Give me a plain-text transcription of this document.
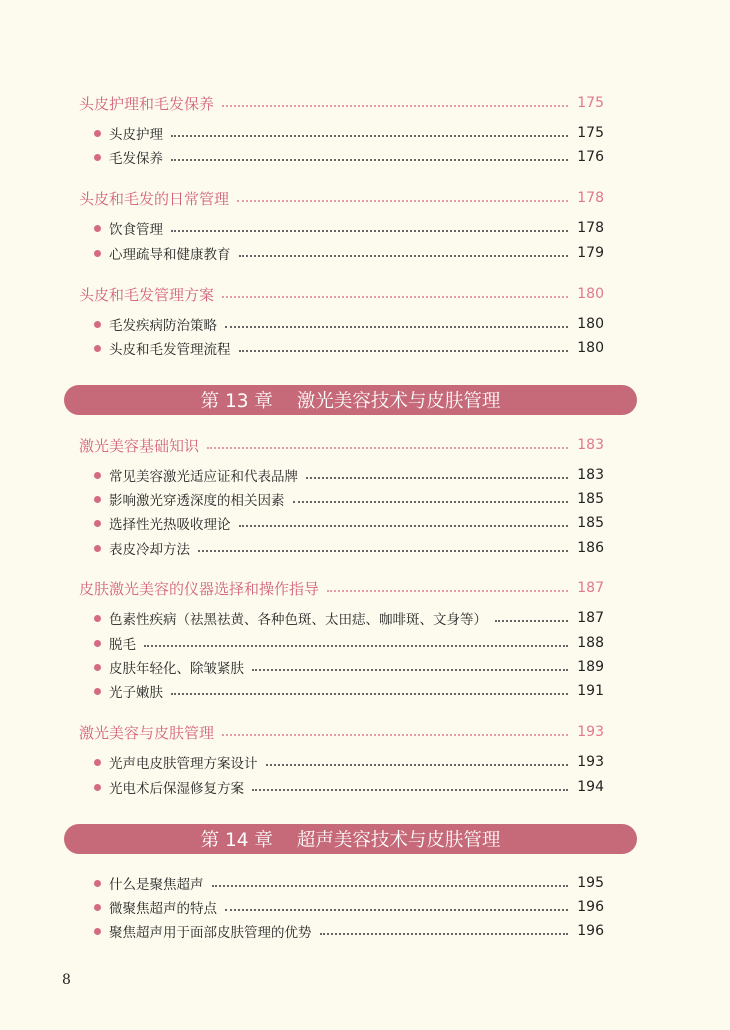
头皮护理和毛发保养	175
头皮护理	175
毛发保养	176
头皮和毛发的日常管理	178
饮食管理	178
心理疏导和健康教育	179
头皮和毛发管理方案	180
毛发疾病防治策略	180
头皮和毛发管理流程	180
第 13 章 激光美容技术与皮肤管理
激光美容基础知识	183
常见美容激光适应证和代表品牌	183
影响激光穿透深度的相关因素	185
选择性光热吸收理论	185
表皮冷却方法	186
皮肤激光美容的仪器选择和操作指导	187
色素性疾病（祛黑祛黄、各种色斑、太田痣、咖啡斑、文身等）	187
脱毛	188
皮肤年轻化、除皱紧肤	189
光子嫩肤	191
激光美容与皮肤管理	193
光声电皮肤管理方案设计	193
光电术后保湿修复方案	194
第 14 章 超声美容技术与皮肤管理
什么是聚焦超声	195
微聚焦超声的特点	196
聚焦超声用于面部皮肤管理的优势	196
8
